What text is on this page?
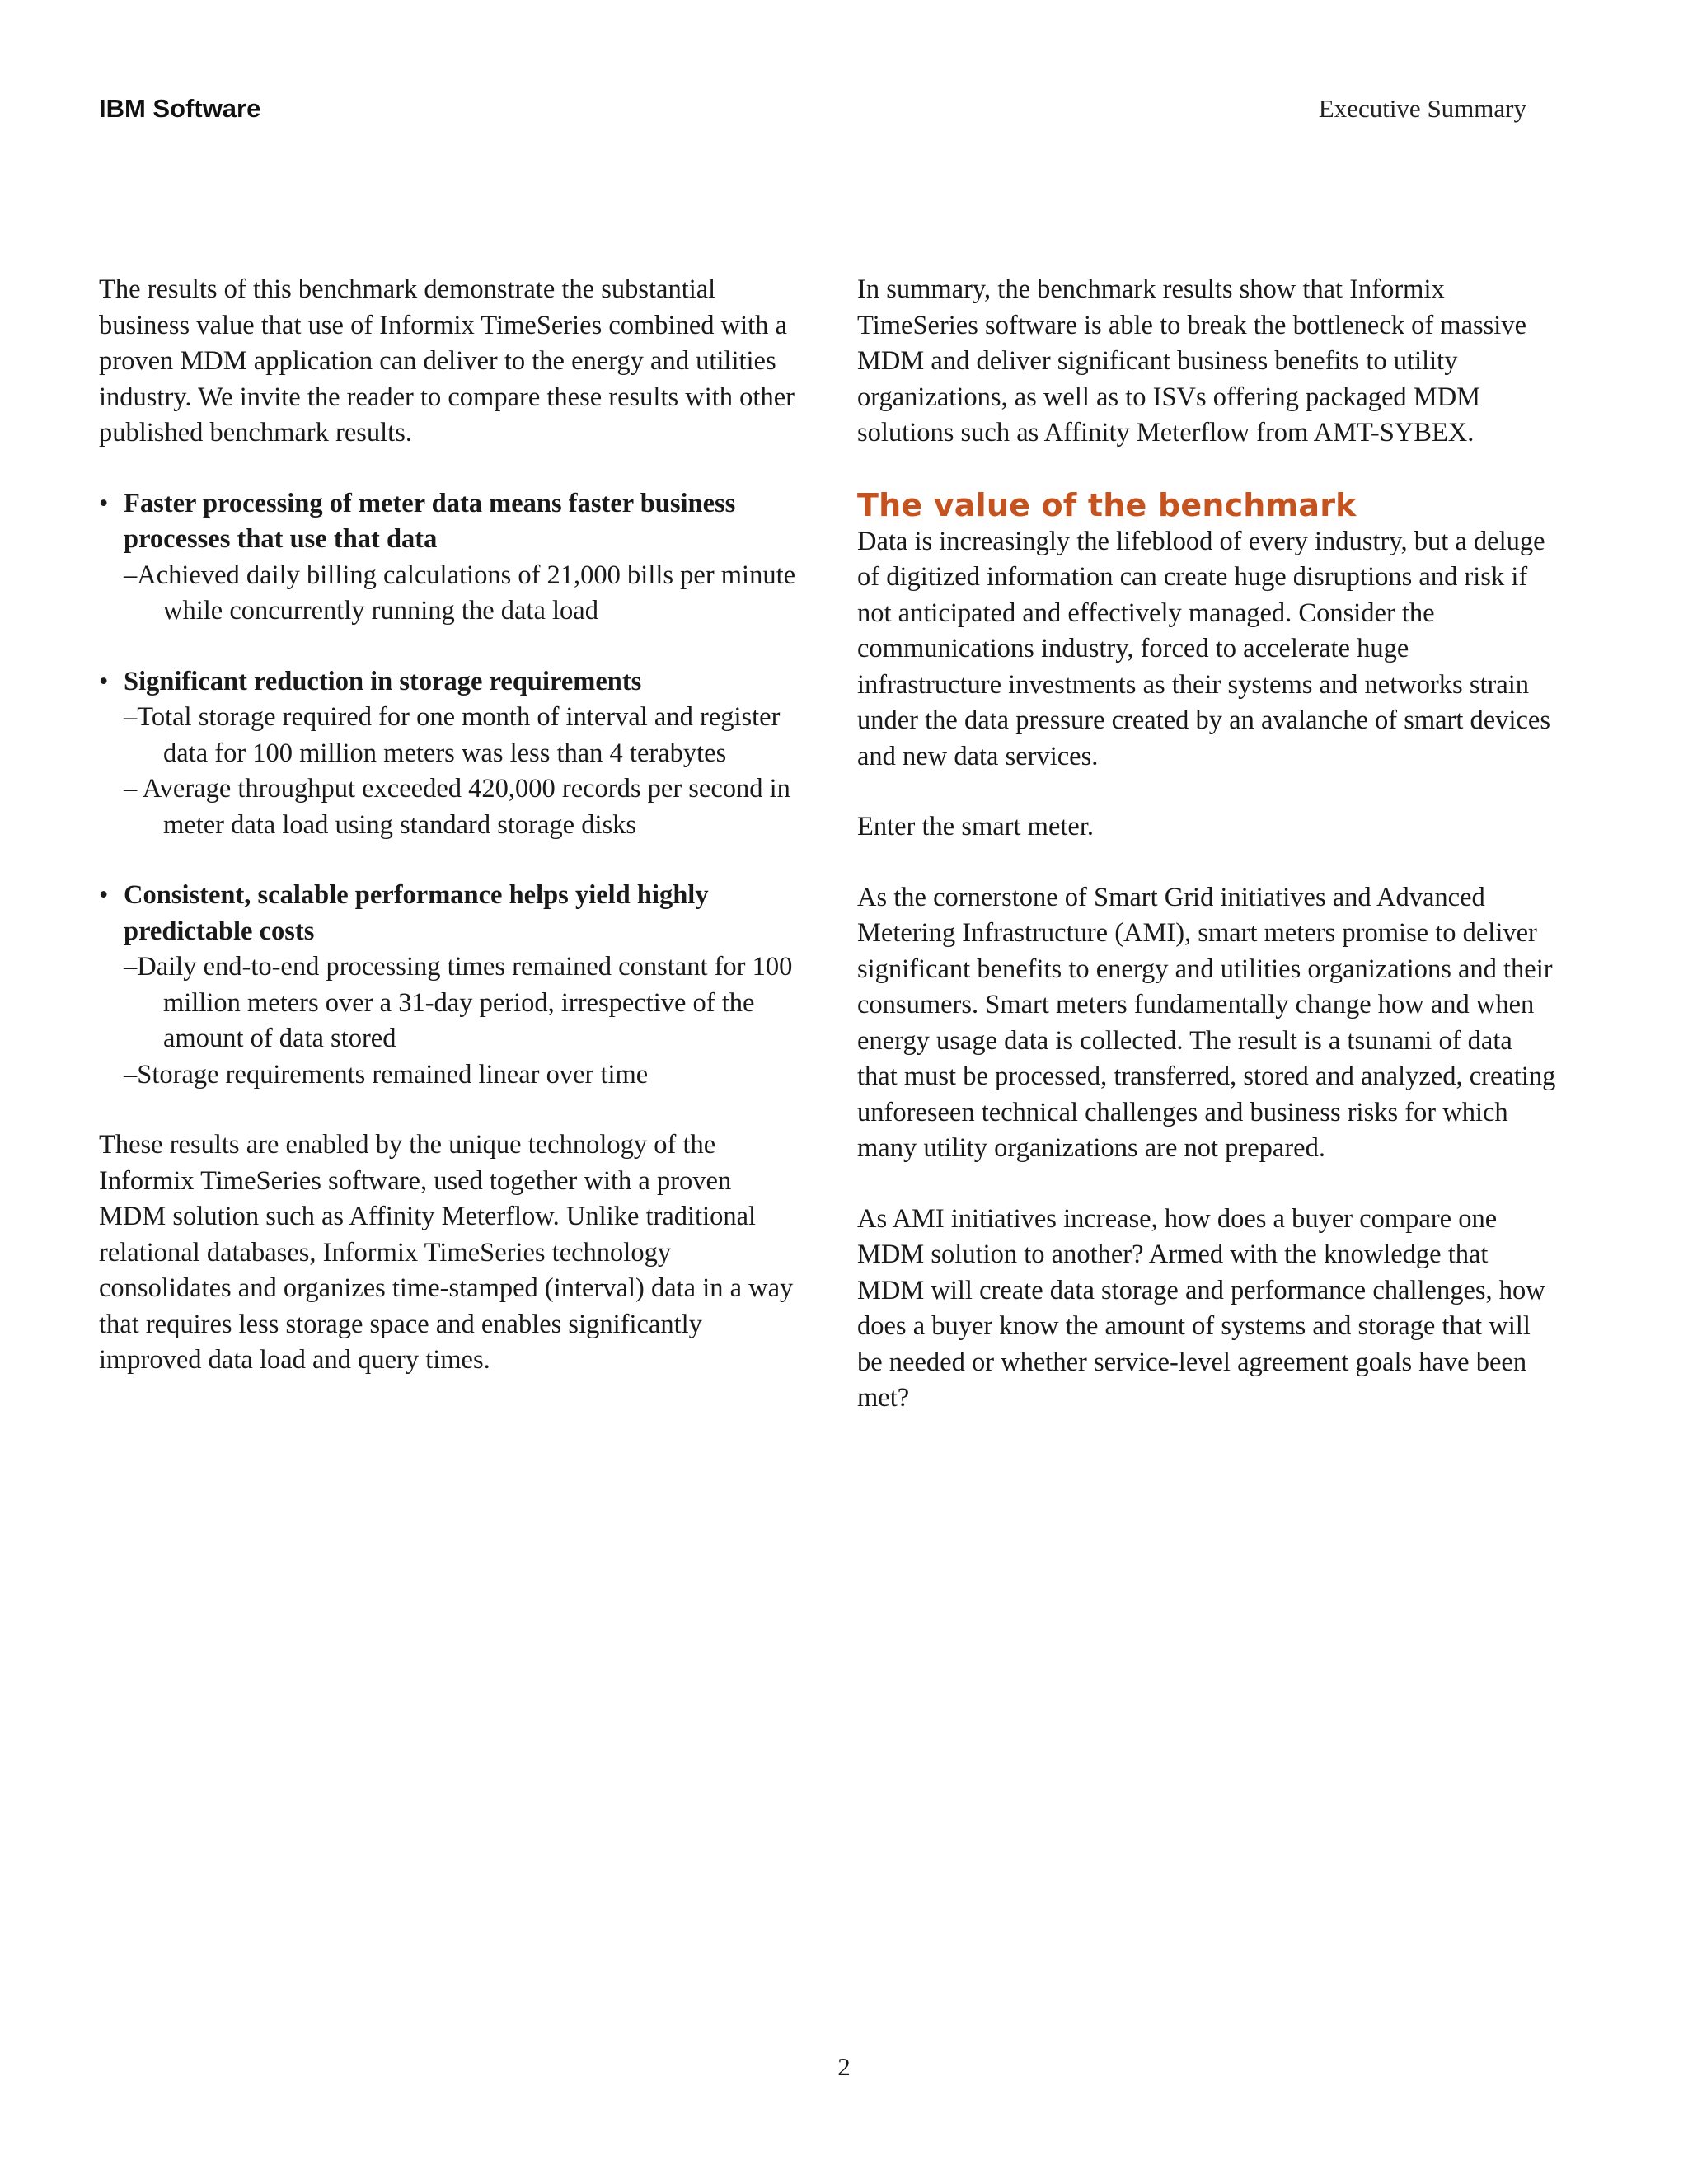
IBM Software	Executive Summary

The results of this benchmark demonstrate the substantial business value that use of Informix TimeSeries combined with a proven MDM application can deliver to the energy and utilities industry. We invite the reader to compare these results with other published benchmark results.

• Faster processing of meter data means faster business processes that use that data
–Achieved daily billing calculations of 21,000 bills per minute while concurrently running the data load
• Significant reduction in storage requirements
–Total storage required for one month of interval and register data for 100 million meters was less than 4 terabytes
– Average throughput exceeded 420,000 records per second in meter data load using standard storage disks
• Consistent, scalable performance helps yield highly predictable costs
–Daily end-to-end processing times remained constant for 100 million meters over a 31-day period, irrespective of the amount of data stored
–Storage requirements remained linear over time

These results are enabled by the unique technology of the Informix TimeSeries software, used together with a proven MDM solution such as Affinity Meterflow. Unlike traditional relational databases, Informix TimeSeries technology consolidates and organizes time-stamped (interval) data in a way that requires less storage space and enables significantly improved data load and query times.

In summary, the benchmark results show that Informix TimeSeries software is able to break the bottleneck of massive MDM and deliver significant business benefits to utility organizations, as well as to ISVs offering packaged MDM solutions such as Affinity Meterflow from AMT-SYBEX.

The value of the benchmark

Data is increasingly the lifeblood of every industry, but a deluge of digitized information can create huge disruptions and risk if not anticipated and effectively managed. Consider the communications industry, forced to accelerate huge infrastructure investments as their systems and networks strain under the data pressure created by an avalanche of smart devices and new data services.

Enter the smart meter.

As the cornerstone of Smart Grid initiatives and Advanced Metering Infrastructure (AMI), smart meters promise to deliver significant benefits to energy and utilities organizations and their consumers. Smart meters fundamentally change how and when energy usage data is collected. The result is a tsunami of data that must be processed, transferred, stored and analyzed, creating unforeseen technical challenges and business risks for which many utility organizations are not prepared.

As AMI initiatives increase, how does a buyer compare one MDM solution to another? Armed with the knowledge that MDM will create data storage and performance challenges, how does a buyer know the amount of systems and storage that will be needed or whether service-level agreement goals have been met?

2
